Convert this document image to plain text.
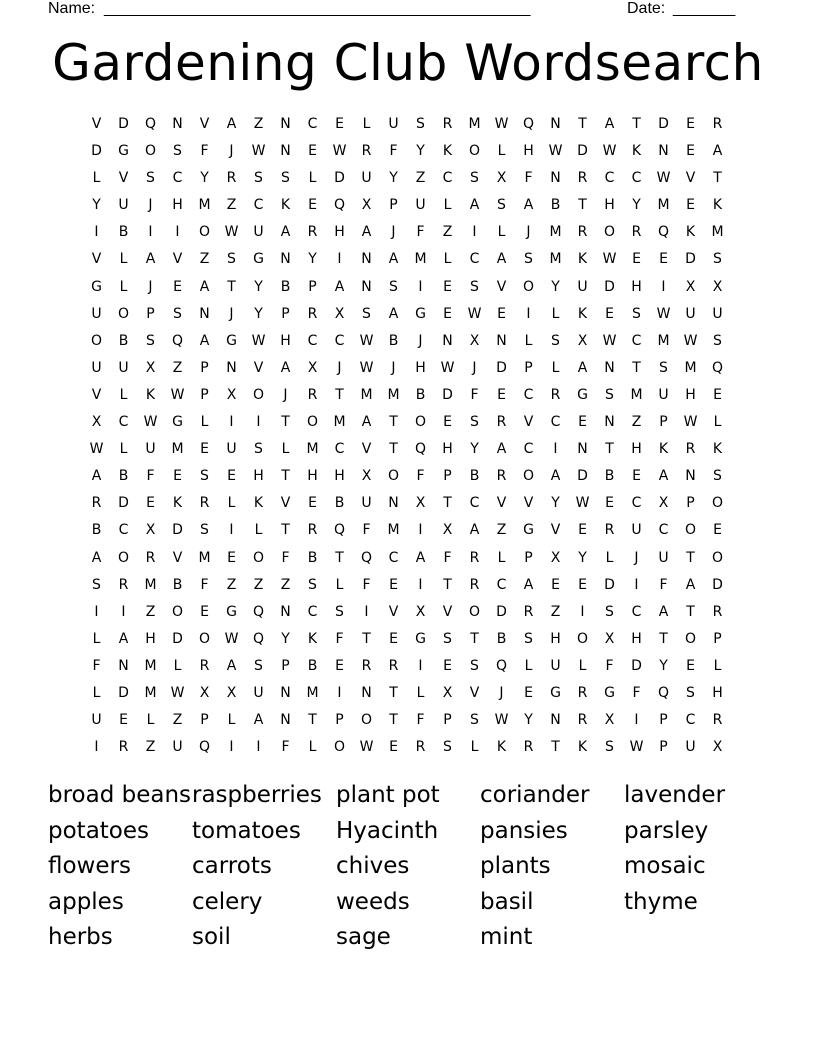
Name: _________________________________________________	Date: _______
Gardening Club Wordsearch
V	D	Q	N	V	A	Z	N	C	E	L	U	S	R	M	W	Q	N	T	A	T	D	E	R
D	G	O	S	F	J	W	N	E	W	R	F	Y	K	O	L	H	W	D	W	K	N	E	A
L	V	S	C	Y	R	S	S	L	D	U	Y	Z	C	S	X	F	N	R	C	C	W	V	T
Y	U	J	H	M	Z	C	K	E	Q	X	P	U	L	A	S	A	B	T	H	Y	M	E	K
I	B	I	I	O	W	U	A	R	H	A	J	F	Z	I	L	J	M	R	O	R	Q	K	M
V	L	A	V	Z	S	G	N	Y	I	N	A	M	L	C	A	S	M	K	W	E	E	D	S
G	L	J	E	A	T	Y	B	P	A	N	S	I	E	S	V	O	Y	U	D	H	I	X	X
U	O	P	S	N	J	Y	P	R	X	S	A	G	E	W	E	I	L	K	E	S	W	U	U
O	B	S	Q	A	G	W	H	C	C	W	B	J	N	X	N	L	S	X	W	C	M	W	S
U	U	X	Z	P	N	V	A	X	J	W	J	H	W	J	D	P	L	A	N	T	S	M	Q
V	L	K	W	P	X	O	J	R	T	M	M	B	D	F	E	C	R	G	S	M	U	H	E
X	C	W	G	L	I	I	T	O	M	A	T	O	E	S	R	V	C	E	N	Z	P	W	L
W	L	U	M	E	U	S	L	M	C	V	T	Q	H	Y	A	C	I	N	T	H	K	R	K
A	B	F	E	S	E	H	T	H	H	X	O	F	P	B	R	O	A	D	B	E	A	N	S
R	D	E	K	R	L	K	V	E	B	U	N	X	T	C	V	V	Y	W	E	C	X	P	O
B	C	X	D	S	I	L	T	R	Q	F	M	I	X	A	Z	G	V	E	R	U	C	O	E
A	O	R	V	M	E	O	F	B	T	Q	C	A	F	R	L	P	X	Y	L	J	U	T	O
S	R	M	B	F	Z	Z	Z	S	L	F	E	I	T	R	C	A	E	E	D	I	F	A	D
I	I	Z	O	E	G	Q	N	C	S	I	V	X	V	O	D	R	Z	I	S	C	A	T	R
L	A	H	D	O	W	Q	Y	K	F	T	E	G	S	T	B	S	H	O	X	H	T	O	P
F	N	M	L	R	A	S	P	B	E	R	R	I	E	S	Q	L	U	L	F	D	Y	E	L
L	D	M	W	X	X	U	N	M	I	N	T	L	X	V	J	E	G	R	G	F	Q	S	H
U	E	L	Z	P	L	A	N	T	P	O	T	F	P	S	W	Y	N	R	X	I	P	C	R
I	R	Z	U	Q	I	I	F	L	O	W	E	R	S	L	K	R	T	K	S	W	P	U	X
broad beans
potatoes
flowers
apples
herbs
raspberries
tomatoes
carrots
celery
soil
plant pot
Hyacinth
chives
weeds
sage
coriander
pansies
plants
basil
mint
lavender
parsley
mosaic
thyme
